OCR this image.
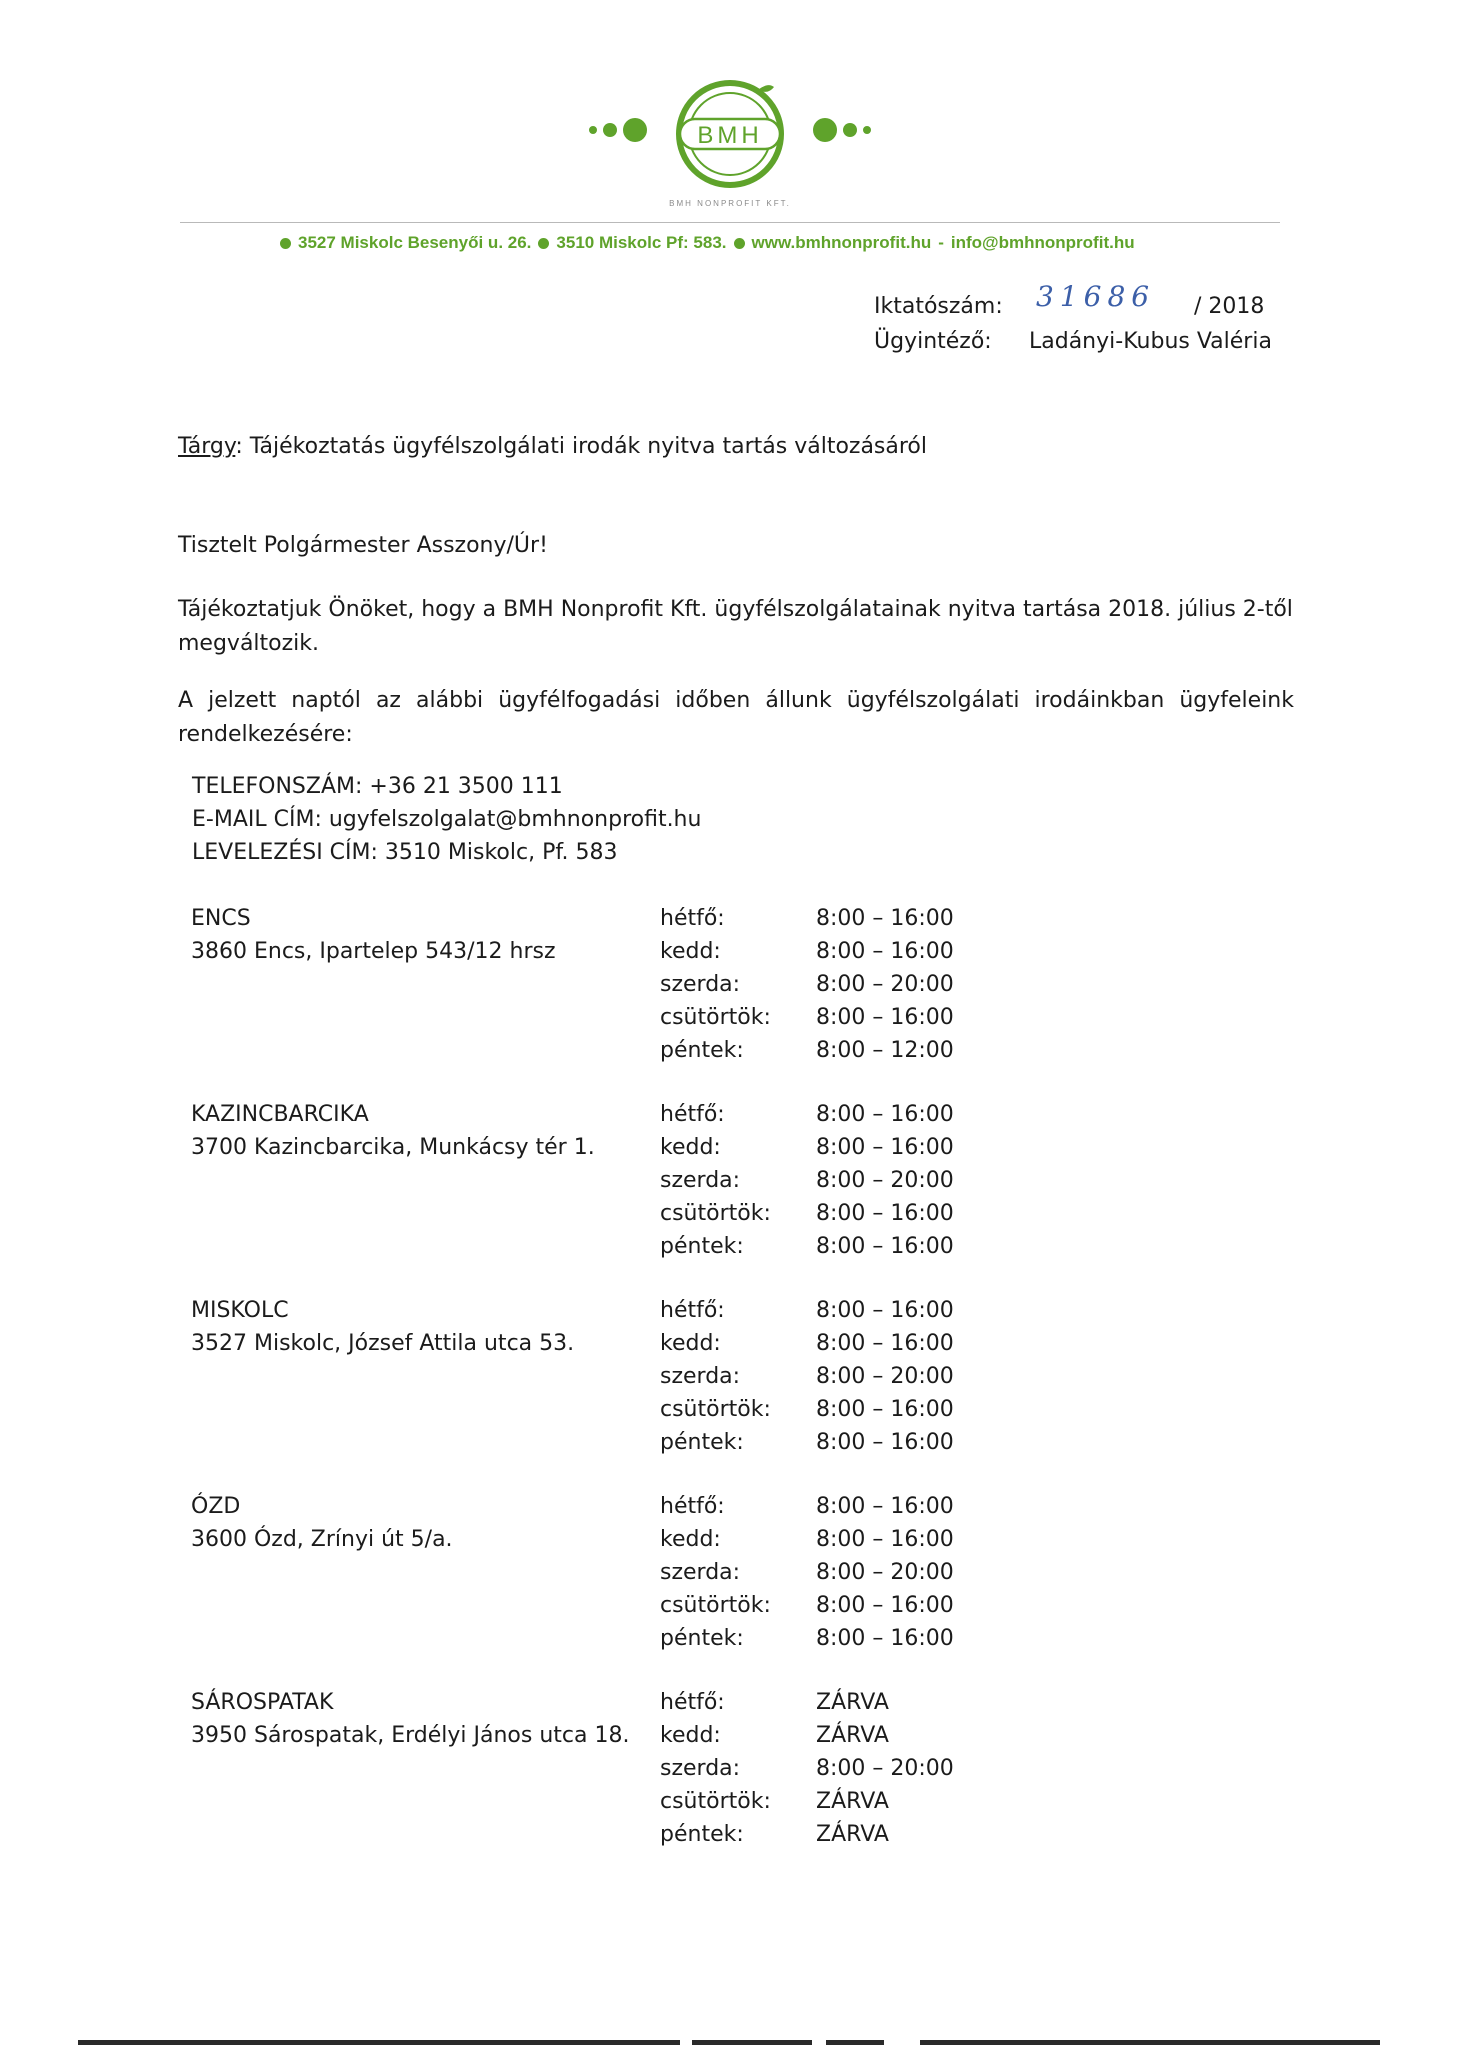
BMH
BMH NONPROFIT KFT.
3527 Miskolc Besenyői u. 26. 3510 Miskolc Pf: 583. www.bmhnonprofit.hu - info@bmhnonprofit.hu
Iktatószám: 31686 / 2018
Ügyintéző: Ladányi-Kubus Valéria
Tárgy: Tájékoztatás ügyfélszolgálati irodák nyitva tartás változásáról
Tisztelt Polgármester Asszony/Úr!
Tájékoztatjuk Önöket, hogy a BMH Nonprofit Kft. ügyfélszolgálatainak nyitva tartása 2018. július 2-től megváltozik.
A jelzett naptól az alábbi ügyfélfogadási időben állunk ügyfélszolgálati irodáinkban ügyfeleink rendelkezésére:
TELEFONSZÁM: +36 21 3500 111
E-MAIL CÍM: ugyfelszolgalat@bmhnonprofit.hu
LEVELEZÉSI CÍM: 3510 Miskolc, Pf. 583
ENCS
3860 Encs, Ipartelep 543/12 hrsz
hétfő:	8:00 – 16:00
kedd:	8:00 – 16:00
szerda:	8:00 – 20:00
csütörtök: 8:00 – 16:00
péntek:	8:00 – 12:00
KAZINCBARCIKA
3700 Kazincbarcika, Munkácsy tér 1.
hétfő:	8:00 – 16:00
kedd:	8:00 – 16:00
szerda:	8:00 – 20:00
csütörtök: 8:00 – 16:00
péntek:	8:00 – 16:00
MISKOLC
3527 Miskolc, József Attila utca 53.
hétfő:	8:00 – 16:00
kedd:	8:00 – 16:00
szerda:	8:00 – 20:00
csütörtök: 8:00 – 16:00
péntek:	8:00 – 16:00
ÓZD
3600 Ózd, Zrínyi út 5/a.
hétfő:	8:00 – 16:00
kedd:	8:00 – 16:00
szerda:	8:00 – 20:00
csütörtök: 8:00 – 16:00
péntek:	8:00 – 16:00
SÁROSPATAK
3950 Sárospatak, Erdélyi János utca 18.
hétfő:	ZÁRVA
kedd:	ZÁRVA
szerda:	8:00 – 20:00
csütörtök: ZÁRVA
péntek:	ZÁRVA
